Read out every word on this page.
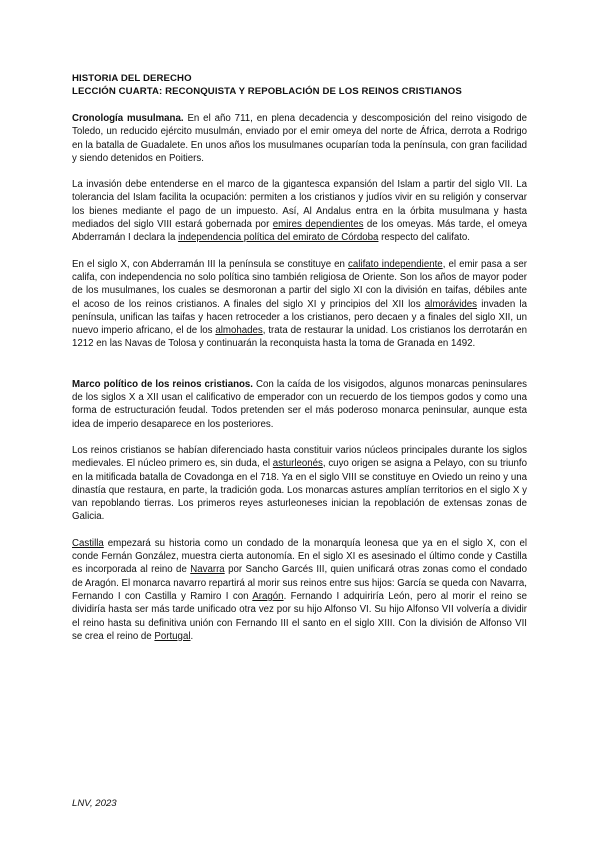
HISTORIA DEL DERECHO

LECCIÓN CUARTA: RECONQUISTA Y REPOBLACIÓN DE LOS REINOS CRISTIANOS

Cronología musulmana. En el año 711, en plena decadencia y descomposición del reino visigodo de Toledo, un reducido ejército musulmán, enviado por el emir omeya del norte de África, derrota a Rodrigo en la batalla de Guadalete. En unos años los musulmanes ocuparían toda la península, con gran facilidad y siendo detenidos en Poitiers.

La invasión debe entenderse en el marco de la gigantesca expansión del Islam a partir del siglo VII. La tolerancia del Islam facilita la ocupación: permiten a los cristianos y judíos vivir en su religión y conservar los bienes mediante el pago de un impuesto. Así, Al Andalus entra en la órbita musulmana y hasta mediados del siglo VIII estará gobernada por emires dependientes de los omeyas. Más tarde, el omeya Abderramán I declara la independencia política del emirato de Córdoba respecto del califato.

En el siglo X, con Abderramán III la península se constituye en califato independiente, el emir pasa a ser califa, con independencia no solo política sino también religiosa de Oriente. Son los años de mayor poder de los musulmanes, los cuales se desmoronan a partir del siglo XI con la división en taifas, débiles ante el acoso de los reinos cristianos. A finales del siglo XI y principios del XII los almorávides invaden la península, unifican las taifas y hacen retroceder a los cristianos, pero decaen y a finales del siglo XII, un nuevo imperio africano, el de los almohades, trata de restaurar la unidad. Los cristianos los derrotarán en 1212 en las Navas de Tolosa y continuarán la reconquista hasta la toma de Granada en 1492.

Marco político de los reinos cristianos. Con la caída de los visigodos, algunos monarcas peninsulares de los siglos X a XII usan el calificativo de emperador con un recuerdo de los tiempos godos y como una forma de estructuración feudal. Todos pretenden ser el más poderoso monarca peninsular, aunque esta idea de imperio desaparece en los posteriores.

Los reinos cristianos se habían diferenciado hasta constituir varios núcleos principales durante los siglos medievales. El núcleo primero es, sin duda, el asturleonés, cuyo origen se asigna a Pelayo, con su triunfo en la mitificada batalla de Covadonga en el 718. Ya en el siglo VIII se constituye en Oviedo un reino y una dinastía que restaura, en parte, la tradición goda. Los monarcas astures amplían territorios en el siglo X y van repoblando tierras. Los primeros reyes asturleoneses inician la repoblación de extensas zonas de Galicia.

Castilla empezará su historia como un condado de la monarquía leonesa que ya en el siglo X, con el conde Fernán González, muestra cierta autonomía. En el siglo XI es asesinado el último conde y Castilla es incorporada al reino de Navarra por Sancho Garcés III, quien unificará otras zonas como el condado de Aragón. El monarca navarro repartirá al morir sus reinos entre sus hijos: García se queda con Navarra, Fernando I con Castilla y Ramiro I con Aragón. Fernando I adquiriría León, pero al morir el reino se dividiría hasta ser más tarde unificado otra vez por su hijo Alfonso VI. Su hijo Alfonso VII volvería a dividir el reino hasta su definitiva unión con Fernando III el santo en el siglo XIII. Con la división de Alfonso VII se crea el reino de Portugal.

LNV, 2023
